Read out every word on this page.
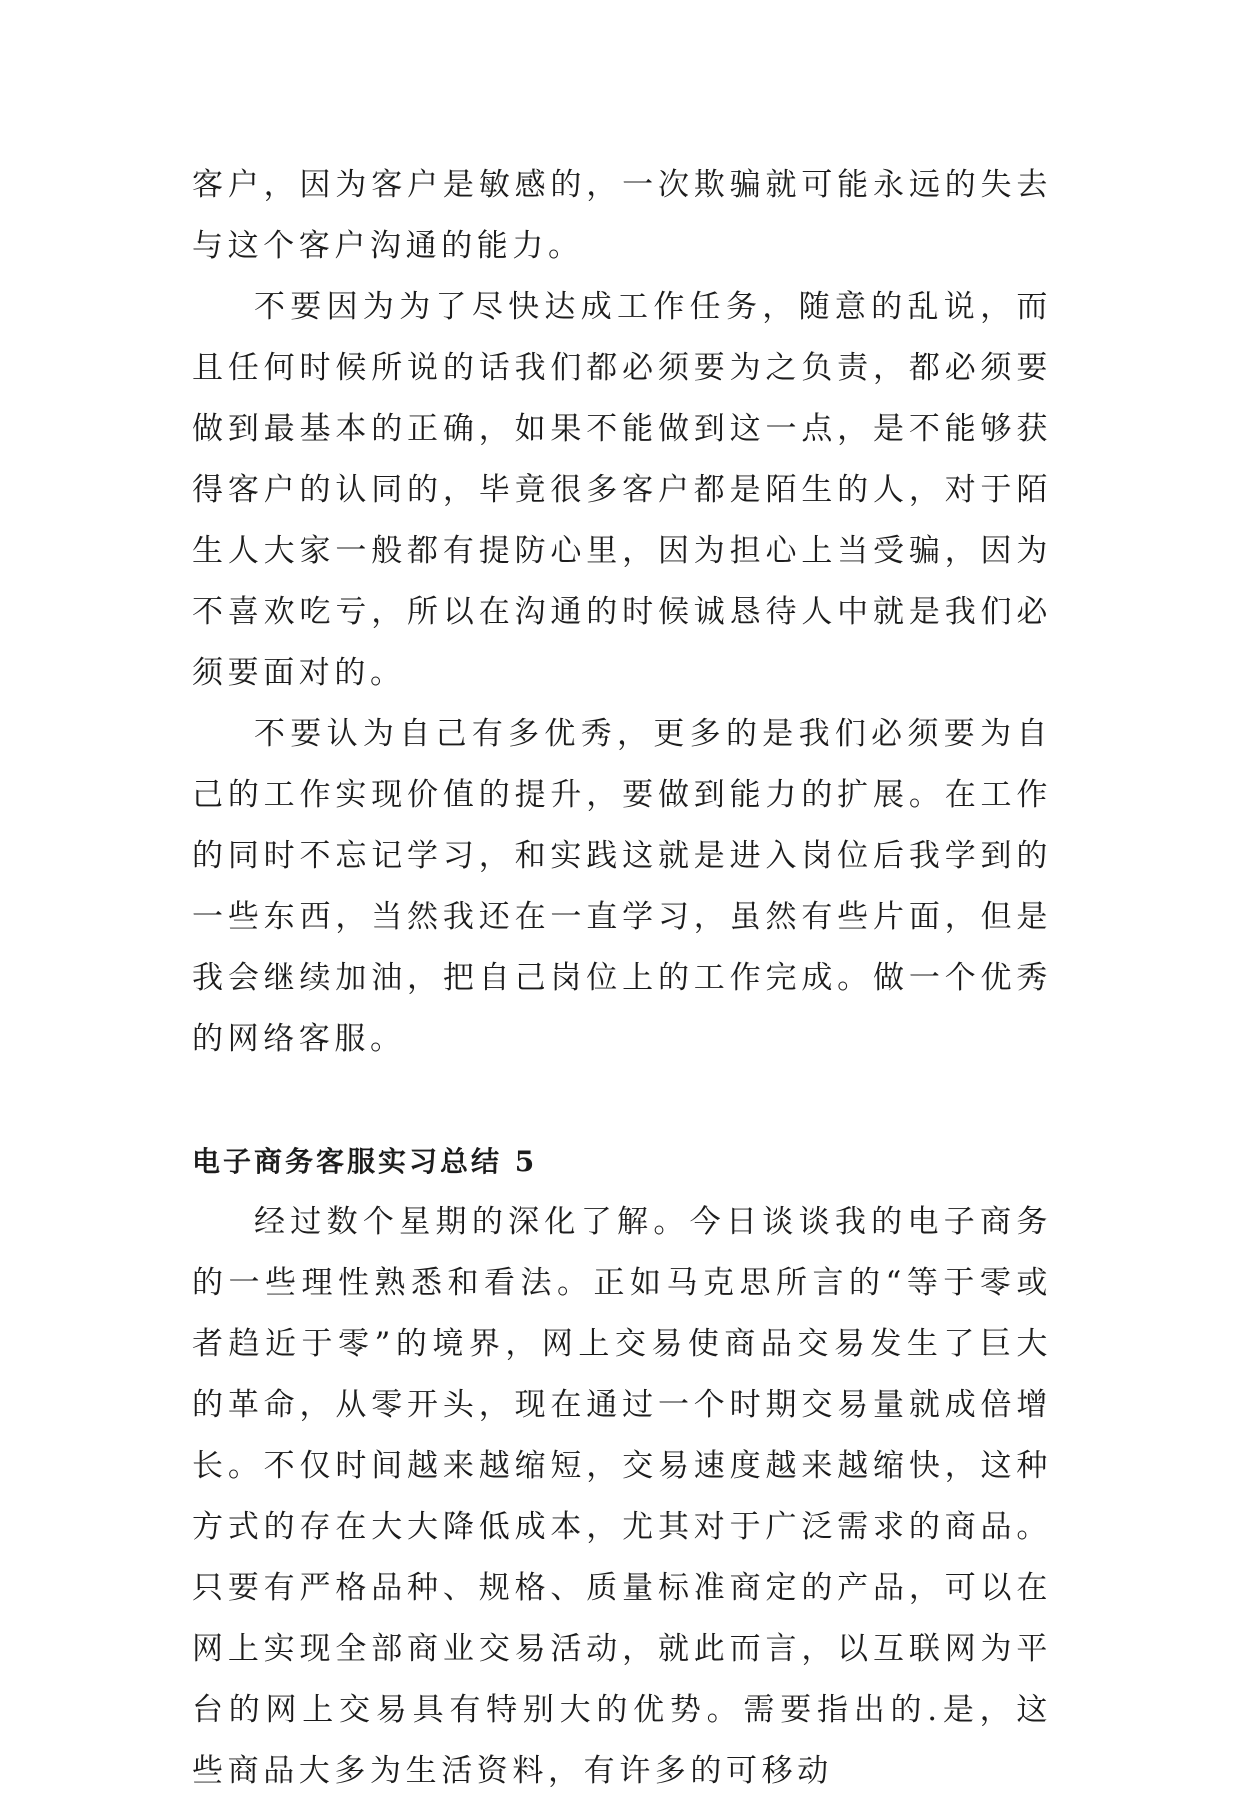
客户，因为客户是敏感的，一次欺骗就可能永远的失去与这个客户沟通的能力。

不要因为为了尽快达成工作任务，随意的乱说，而且任何时候所说的话我们都必须要为之负责，都必须要做到最基本的正确，如果不能做到这一点，是不能够获得客户的认同的，毕竟很多客户都是陌生的人，对于陌生人大家一般都有提防心里，因为担心上当受骗，因为不喜欢吃亏，所以在沟通的时候诚恳待人中就是我们必须要面对的。

不要认为自己有多优秀，更多的是我们必须要为自己的工作实现价值的提升，要做到能力的扩展。在工作的同时不忘记学习，和实践这就是进入岗位后我学到的一些东西，当然我还在一直学习，虽然有些片面，但是我会继续加油，把自己岗位上的工作完成。做一个优秀的网络客服。

电子商务客服实习总结 5

经过数个星期的深化了解。今日谈谈我的电子商务的一些理性熟悉和看法。正如马克思所言的“等于零或者趋近于零”的境界，网上交易使商品交易发生了巨大的革命，从零开头，现在通过一个时期交易量就成倍增长。不仅时间越来越缩短，交易速度越来越缩快，这种方式的存在大大降低成本，尤其对于广泛需求的商品。只要有严格品种、规格、质量标准商定的产品，可以在网上实现全部商业交易活动，就此而言，以互联网为平台的网上交易具有特别大的优势。需要指出的.是，这些商品大多为生活资料，有许多的可移动
